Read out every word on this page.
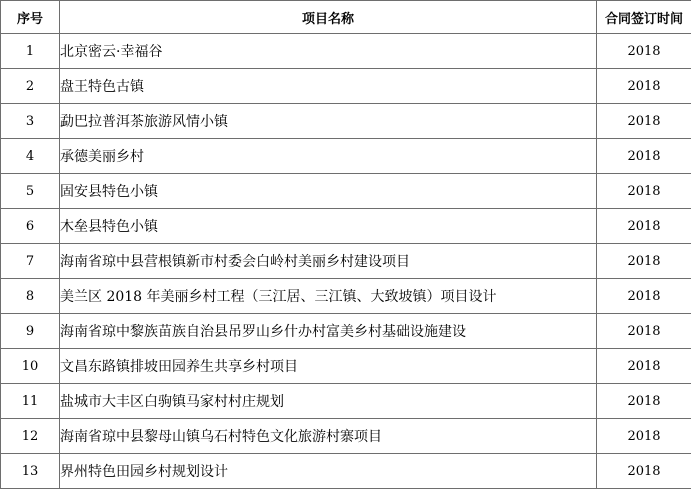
序号	项目名称	合同签订时间
1	北京密云·幸福谷	2018
2	盘王特色古镇	2018
3	勐巴拉普洱茶旅游风情小镇	2018
4	承德美丽乡村	2018
5	固安县特色小镇	2018
6	木垒县特色小镇	2018
7	海南省琼中县营根镇新市村委会白岭村美丽乡村建设项目	2018
8	美兰区 2018 年美丽乡村工程（三江居、三江镇、大致坡镇）项目设计	2018
9	海南省琼中黎族苗族自治县吊罗山乡什办村富美乡村基础设施建设	2018
10	文昌东路镇排坡田园养生共享乡村项目	2018
11	盐城市大丰区白驹镇马家村村庄规划	2018
12	海南省琼中县黎母山镇乌石村特色文化旅游村寨项目	2018
13	界州特色田园乡村规划设计	2018
